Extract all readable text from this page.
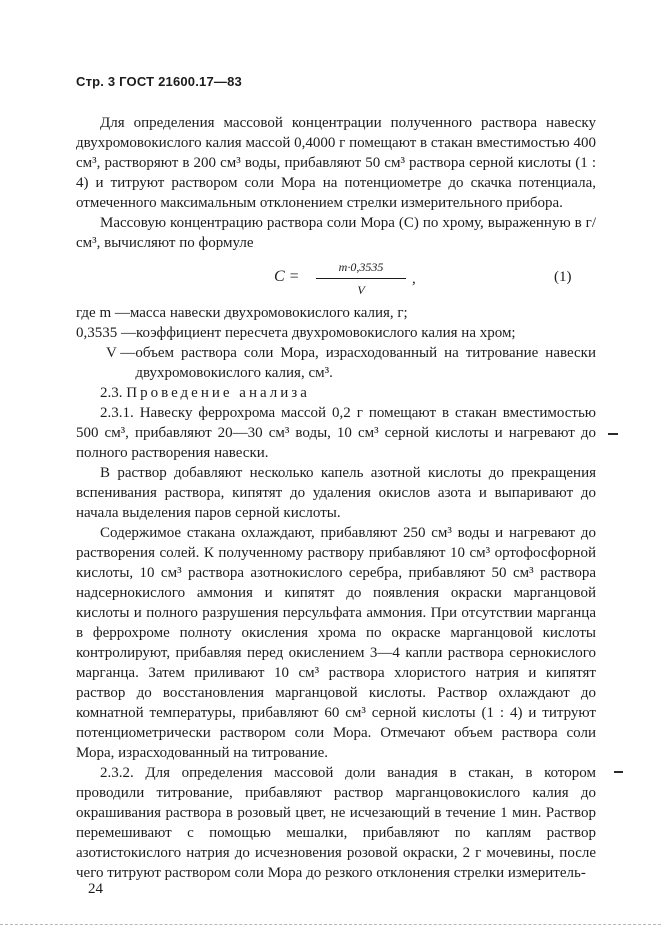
Стр. 3 ГОСТ 21600.17—83

Для определения массовой концентрации полученного раствора навеску двухромовокислого калия массой 0,4000 г помещают в стакан вместимостью 400 см³, растворяют в 200 см³ воды, прибавляют 50 см³ раствора серной кислоты (1 : 4) и титруют раствором соли Мора на потенциометре до скачка потенциала, отмеченного максимальным отклонением стрелки измерительного прибора.

Массовую концентрацию раствора соли Мора (С) по хрому, выраженную в г/см³, вычисляют по формуле

$C = \frac{m\cdot 0,3535}{V}$ ,	(1)
где m — масса навески двухромовокислого калия, г;
0,3535 — коэффициент пересчета двухромовокислого калия на хром;
V — объем раствора соли Мора, израсходованный на титрование навески двухромовокислого калия, см³.

2.3. Проведение анализа

2.3.1. Навеску феррохрома массой 0,2 г помещают в стакан вместимостью 500 см³, прибавляют 20—30 см³ воды, 10 см³ серной кислоты и нагревают до полного растворения навески.

В раствор добавляют несколько капель азотной кислоты до прекращения вспенивания раствора, кипятят до удаления окислов азота и выпаривают до начала выделения паров серной кислоты.

Содержимое стакана охлаждают, прибавляют 250 см³ воды и нагревают до растворения солей. К полученному раствору прибавляют 10 см³ ортофосфорной кислоты, 10 см³ раствора азотнокислого серебра, прибавляют 50 см³ раствора надсернокислого аммония и кипятят до появления окраски марганцовой кислоты и полного разрушения персульфата аммония. При отсутствии марганца в феррохроме полноту окисления хрома по окраске марганцовой кислоты контролируют, прибавляя перед окислением 3—4 капли раствора сернокислого марганца. Затем приливают 10 см³ раствора хлористого натрия и кипятят раствор до восстановления марганцовой кислоты. Раствор охлаждают до комнатной температуры, прибавляют 60 см³ серной кислоты (1 : 4) и титруют потенциометрически раствором соли Мора. Отмечают объем раствора соли Мора, израсходованный на титрование.

2.3.2. Для определения массовой доли ванадия в стакан, в котором проводили титрование, прибавляют раствор марганцовокислого калия до окрашивания раствора в розовый цвет, не исчезающий в течение 1 мин. Раствор перемешивают с помощью мешалки, прибавляют по каплям раствор азотистокислого натрия до исчезновения розовой окраски, 2 г мочевины, после чего титруют раствором соли Мора до резкого отклонения стрелки измеритель-

24
